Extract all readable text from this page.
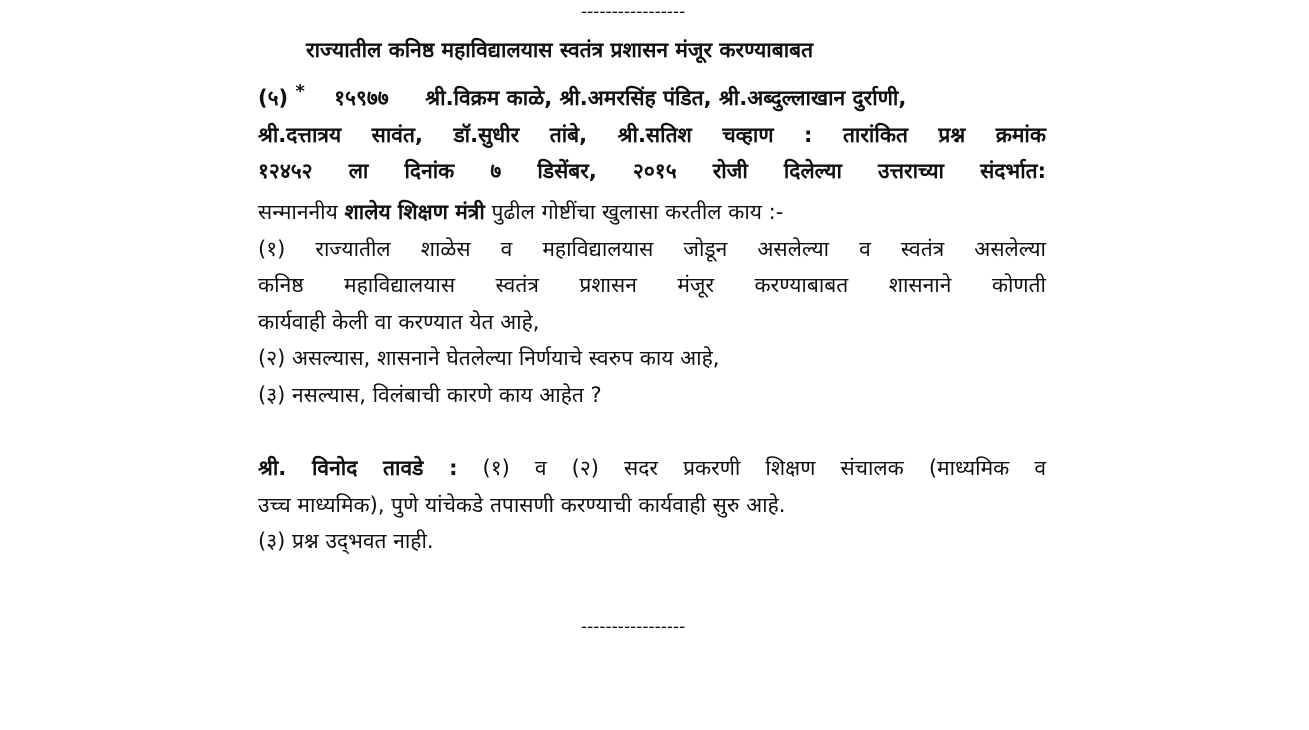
-----------------
राज्यातील कनिष्ठ महाविद्यालयास स्वतंत्र प्रशासन मंजूर करण्याबाबत
(५) * १५९७७ श्री.विक्रम काळे, श्री.अमरसिंह पंडित, श्री.अब्दुल्लाखान दुर्राणी,
श्री.दत्तात्रय सावंत, डॉ.सुधीर तांबे, श्री.सतिश चव्हाण : तारांकित प्रश्न क्रमांक
१२४५२ ला दिनांक ७ डिसेंबर, २०१५ रोजी दिलेल्या उत्तराच्या संदर्भात:
सन्माननीय शालेय शिक्षण मंत्री पुढील गोष्टींचा खुलासा करतील काय :-
(१) राज्यातील शाळेस व महाविद्यालयास जोडून असलेल्या व स्वतंत्र असलेल्या
कनिष्ठ महाविद्यालयास स्वतंत्र प्रशासन मंजूर करण्याबाबत शासनाने कोणती
कार्यवाही केली वा करण्यात येत आहे,
(२) असल्यास, शासनाने घेतलेल्या निर्णयाचे स्वरुप काय आहे,
(३) नसल्यास, विलंबाची कारणे काय आहेत ?
श्री. विनोद तावडे : (१) व (२) सदर प्रकरणी शिक्षण संचालक (माध्यमिक व
उच्च माध्यमिक), पुणे यांचेकडे तपासणी करण्याची कार्यवाही सुरु आहे.
(३) प्रश्न उद्‌भवत नाही.
-----------------
